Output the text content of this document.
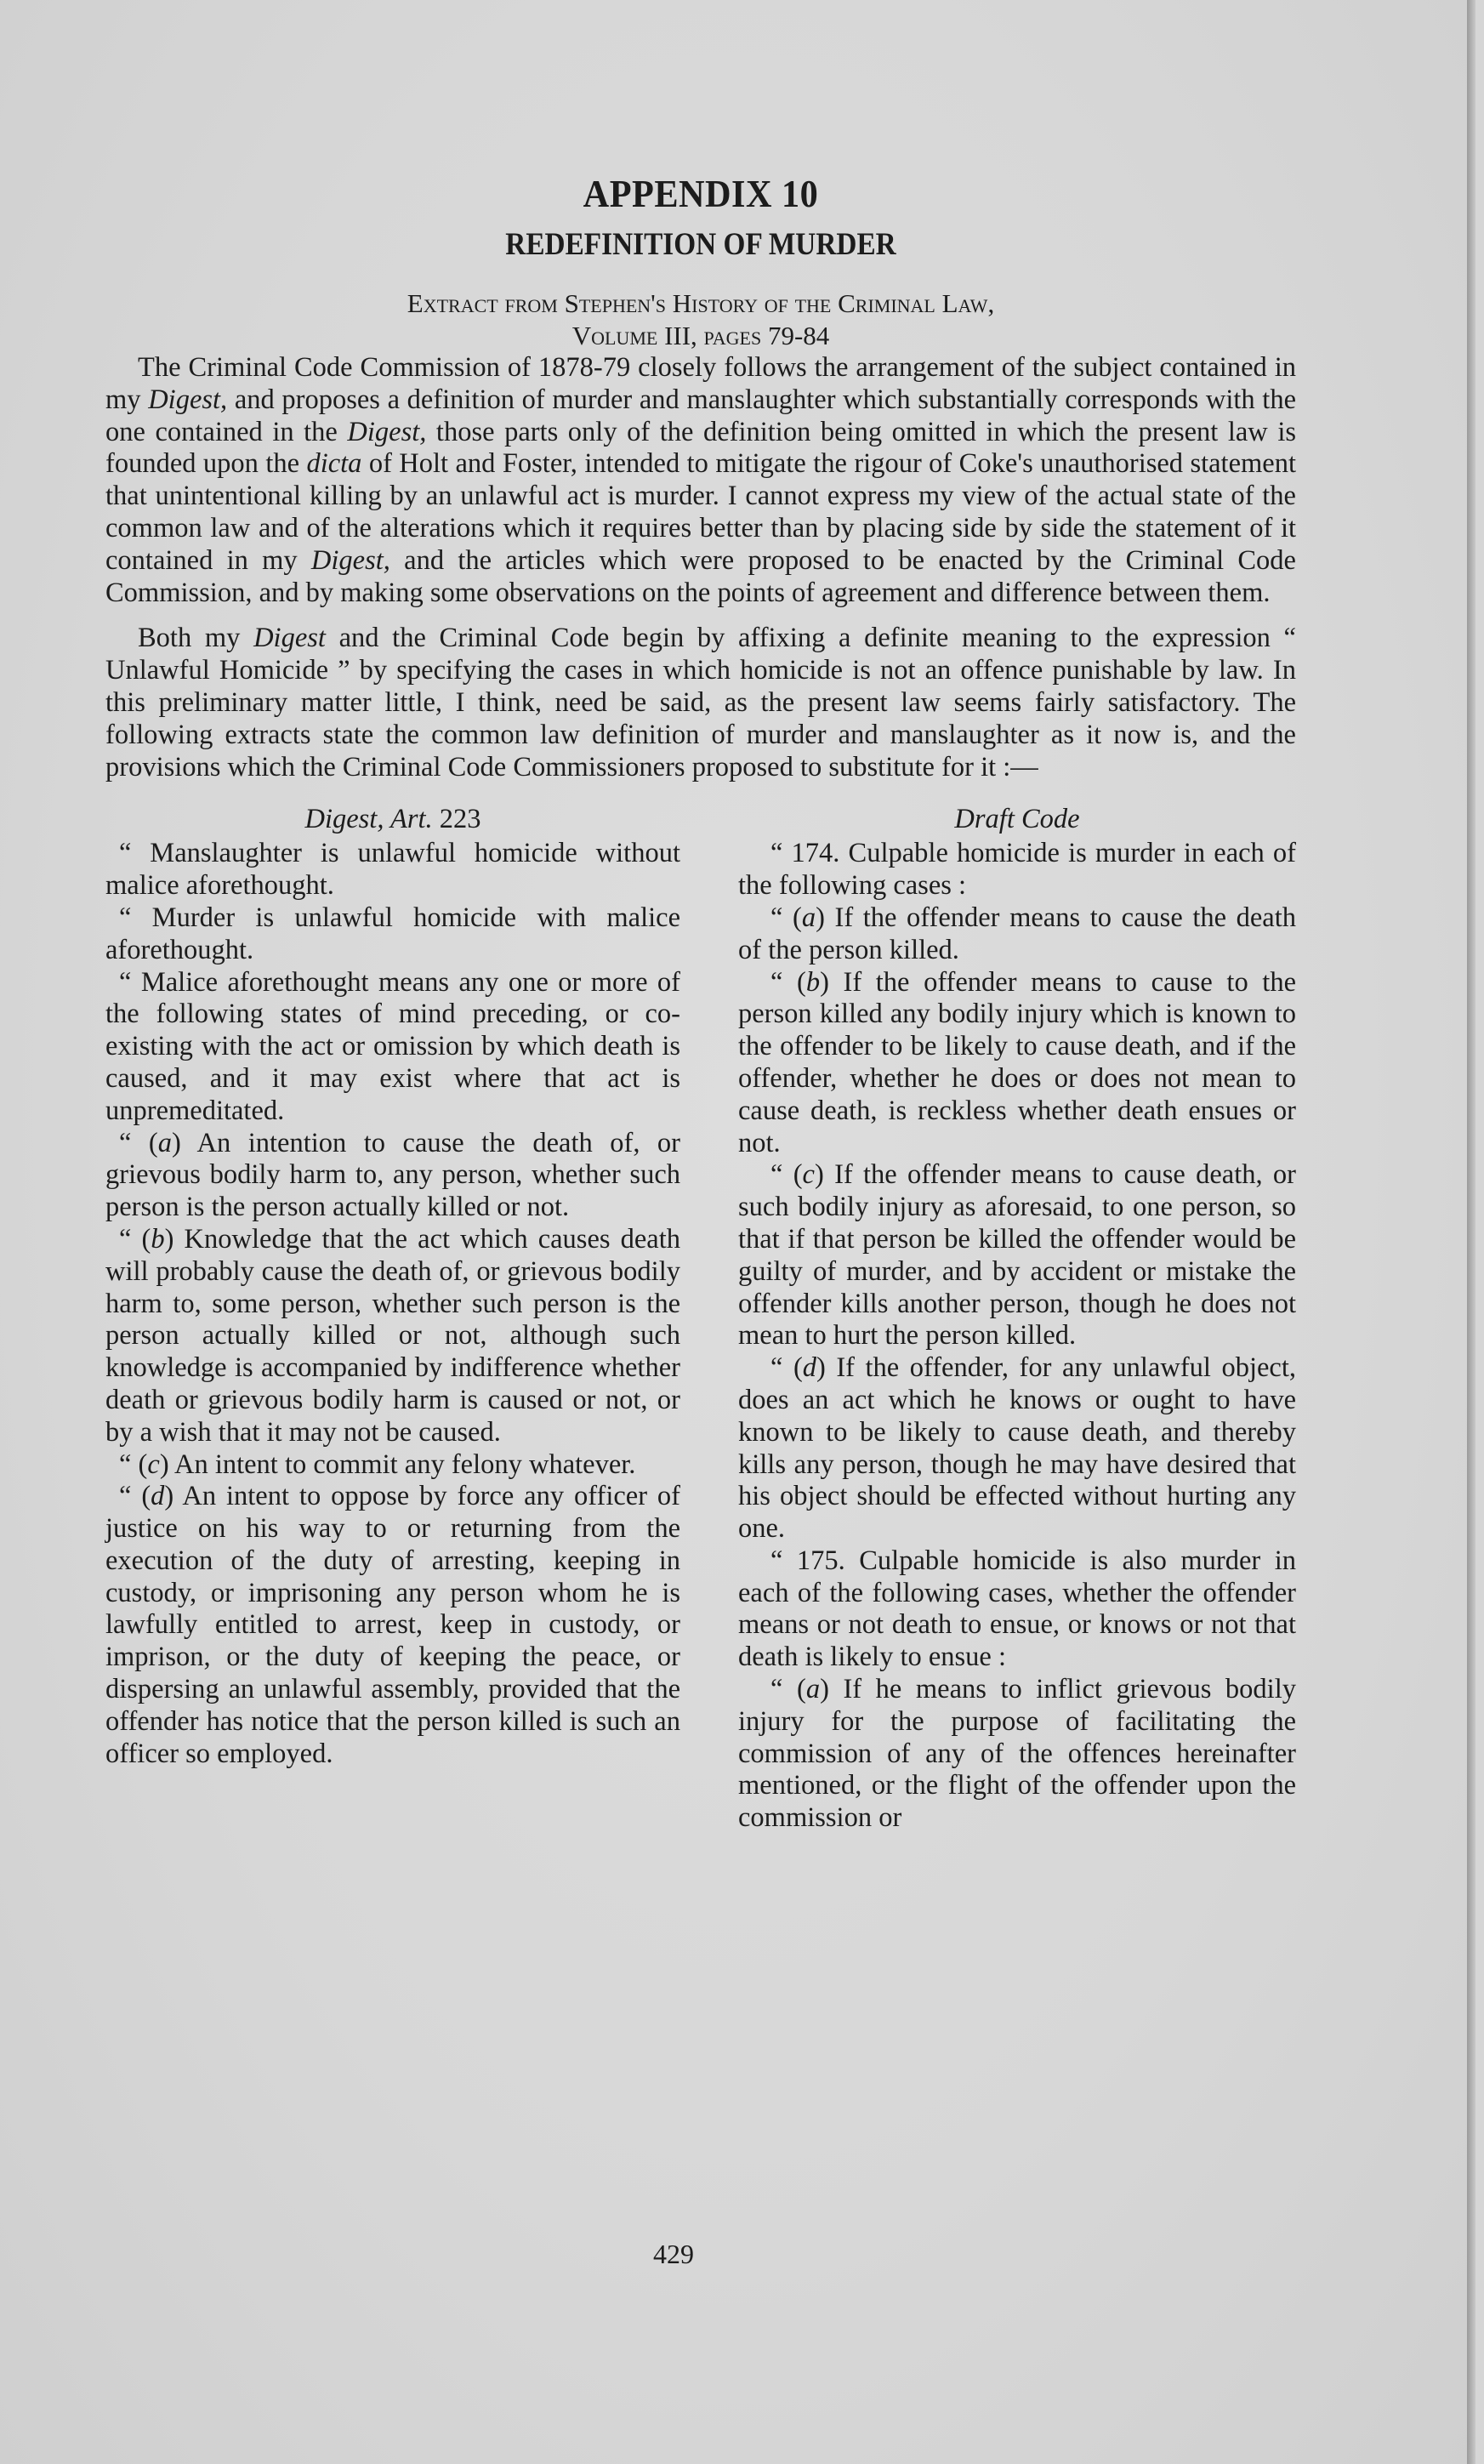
APPENDIX 10
REDEFINITION OF MURDER
Extract from Stephen's History of the Criminal Law,
Volume III, pages 79-84

The Criminal Code Commission of 1878-79 closely follows the arrangement of the subject contained in my Digest, and proposes a definition of murder and manslaughter which substantially corresponds with the one contained in the Digest, those parts only of the definition being omitted in which the present law is founded upon the dicta of Holt and Foster, intended to mitigate the rigour of Coke's unauthorised statement that unintentional killing by an unlawful act is murder. I cannot express my view of the actual state of the common law and of the alterations which it requires better than by placing side by side the statement of it contained in my Digest, and the articles which were proposed to be enacted by the Criminal Code Commission, and by making some observations on the points of agreement and difference between them.

Both my Digest and the Criminal Code begin by affixing a definite meaning to the expression “ Unlawful Homicide ” by specifying the cases in which homicide is not an offence punishable by law. In this preliminary matter little, I think, need be said, as the present law seems fairly satisfactory. The following extracts state the common law definition of murder and manslaughter as it now is, and the provisions which the Criminal Code Commissioners proposed to substitute for it :—

Digest, Art. 223

“ Manslaughter is unlawful homicide without malice aforethought.

“ Murder is unlawful homicide with malice aforethought.

“ Malice aforethought means any one or more of the following states of mind preceding, or co-existing with the act or omission by which death is caused, and it may exist where that act is unpremeditated.

“ (a) An intention to cause the death of, or grievous bodily harm to, any person, whether such person is the person actually killed or not.

“ (b) Knowledge that the act which causes death will probably cause the death of, or grievous bodily harm to, some person, whether such person is the person actually killed or not, although such knowledge is accompanied by indifference whether death or grievous bodily harm is caused or not, or by a wish that it may not be caused.

“ (c) An intent to commit any felony whatever.

“ (d) An intent to oppose by force any officer of justice on his way to or returning from the execution of the duty of arresting, keeping in custody, or imprisoning any person whom he is lawfully entitled to arrest, keep in custody, or imprison, or the duty of keeping the peace, or dispersing an unlawful assembly, provided that the offender has notice that the person killed is such an officer so employed.

Draft Code

“ 174. Culpable homicide is murder in each of the following cases :

“ (a) If the offender means to cause the death of the person killed.

“ (b) If the offender means to cause to the person killed any bodily injury which is known to the offender to be likely to cause death, and if the offender, whether he does or does not mean to cause death, is reckless whether death ensues or not.

“ (c) If the offender means to cause death, or such bodily injury as aforesaid, to one person, so that if that person be killed the offender would be guilty of murder, and by accident or mistake the offender kills another person, though he does not mean to hurt the person killed.

“ (d) If the offender, for any unlawful object, does an act which he knows or ought to have known to be likely to cause death, and thereby kills any person, though he may have desired that his object should be effected without hurting any one.

“ 175. Culpable homicide is also murder in each of the following cases, whether the offender means or not death to ensue, or knows or not that death is likely to ensue :

“ (a) If he means to inflict grievous bodily injury for the purpose of facilitating the commission of any of the offences hereinafter mentioned, or the flight of the offender upon the commission or

429
